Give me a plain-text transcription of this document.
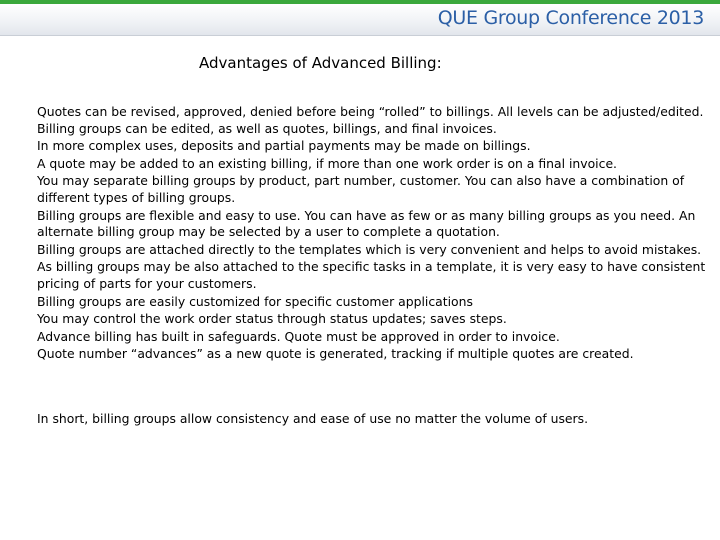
QUE Group Conference 2013
Advantages of Advanced Billing:

Quotes can be revised, approved, denied before being “rolled” to billings. All levels can be adjusted/edited. Billing groups can be edited, as well as quotes, billings, and final invoices.

In more complex uses, deposits and partial payments may be made on billings.

A quote may be added to an existing billing, if more than one work order is on a final invoice.

You may separate billing groups by product, part number, customer. You can also have a combination of different types of billing groups.

Billing groups are flexible and easy to use. You can have as few or as many billing groups as you need. An alternate billing group may be selected by a user to complete a quotation.

Billing groups are attached directly to the templates which is very convenient and helps to avoid mistakes.

As billing groups may be also attached to the specific tasks in a template, it is very easy to have consistent pricing of parts for your customers.

Billing groups are easily customized for specific customer applications

You may control the work order status through status updates; saves steps.

Advance billing has built in safeguards. Quote must be approved in order to invoice.

Quote number “advances” as a new quote is generated, tracking if multiple quotes are created.

In short, billing groups allow consistency and ease of use no matter the volume of users.
